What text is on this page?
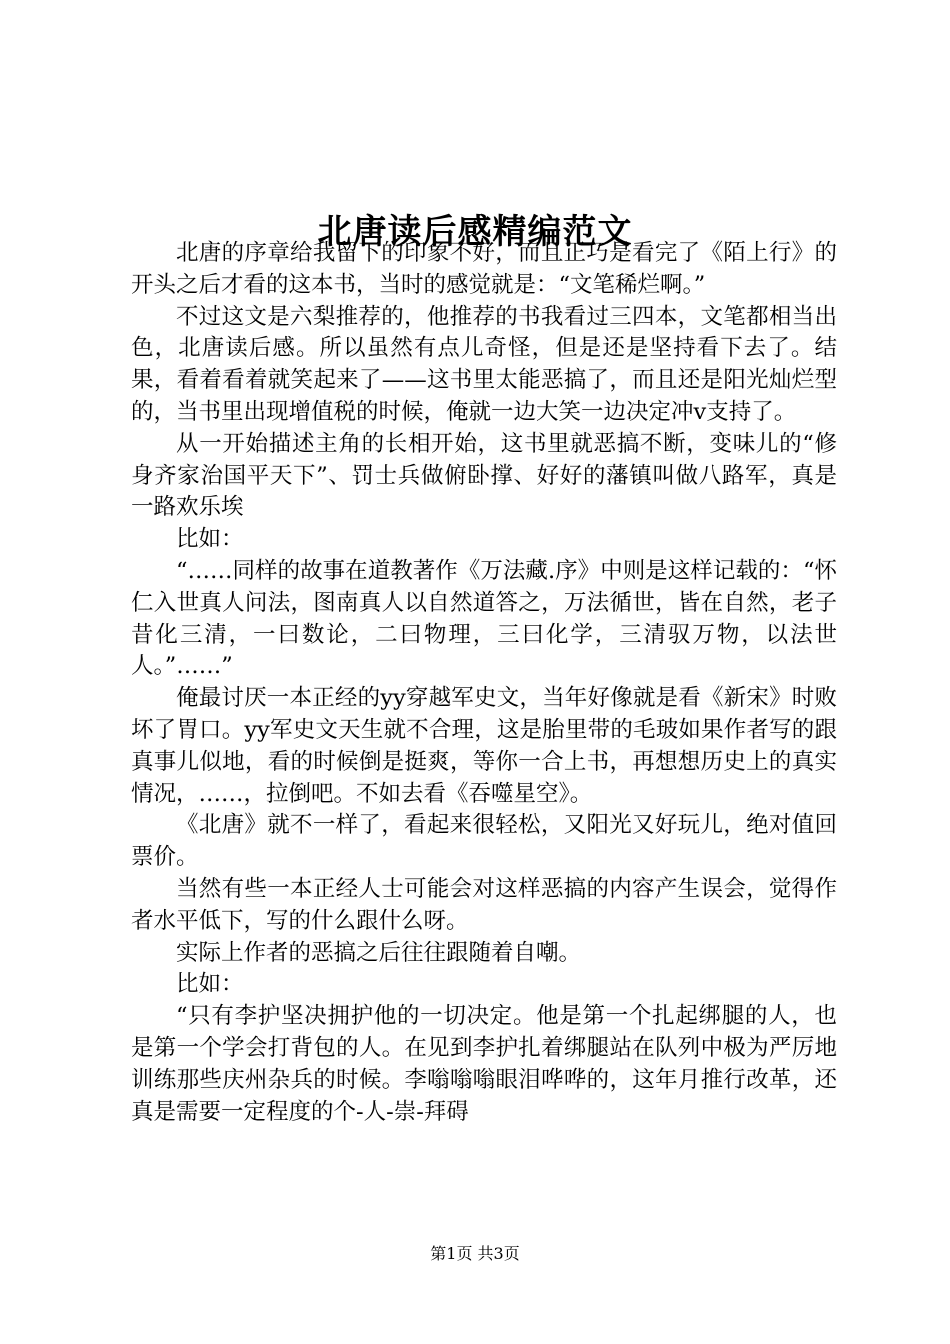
北唐读后感精编范文

北唐的序章给我留下的印象不好，而且正巧是看完了《陌上行》的开头之后才看的这本书，当时的感觉就是：“文笔稀烂啊。”

不过这文是六梨推荐的，他推荐的书我看过三四本，文笔都相当出色，北唐读后感。所以虽然有点儿奇怪，但是还是坚持看下去了。结果，看着看着就笑起来了——这书里太能恶搞了，而且还是阳光灿烂型的，当书里出现增值税的时候，俺就一边大笑一边决定冲v支持了。

从一开始描述主角的长相开始，这书里就恶搞不断，变味儿的“修身齐家治国平天下”、罚士兵做俯卧撑、好好的藩镇叫做八路军，真是一路欢乐埃

比如：

“……同样的故事在道教著作《万法藏.序》中则是这样记载的：“怀仁入世真人问法，图南真人以自然道答之，万法循世，皆在自然，老子昔化三清，一曰数论，二曰物理，三曰化学，三清驭万物，以法世人。”……”

俺最讨厌一本正经的yy穿越军史文，当年好像就是看《新宋》时败坏了胃口。yy军史文天生就不合理，这是胎里带的毛玻如果作者写的跟真事儿似地，看的时候倒是挺爽，等你一合上书，再想想历史上的真实情况，……，拉倒吧。不如去看《吞噬星空》。

《北唐》就不一样了，看起来很轻松，又阳光又好玩儿，绝对值回票价。

当然有些一本正经人士可能会对这样恶搞的内容产生误会，觉得作者水平低下，写的什么跟什么呀。

实际上作者的恶搞之后往往跟随着自嘲。

比如：

“只有李护坚决拥护他的一切决定。他是第一个扎起绑腿的人，也是第一个学会打背包的人。在见到李护扎着绑腿站在队列中极为严厉地训练那些庆州杂兵的时候。李嗡嗡嗡眼泪哗哗的，这年月推行改革，还真是需要一定程度的个-人-崇-拜碍

第1页 共3页
